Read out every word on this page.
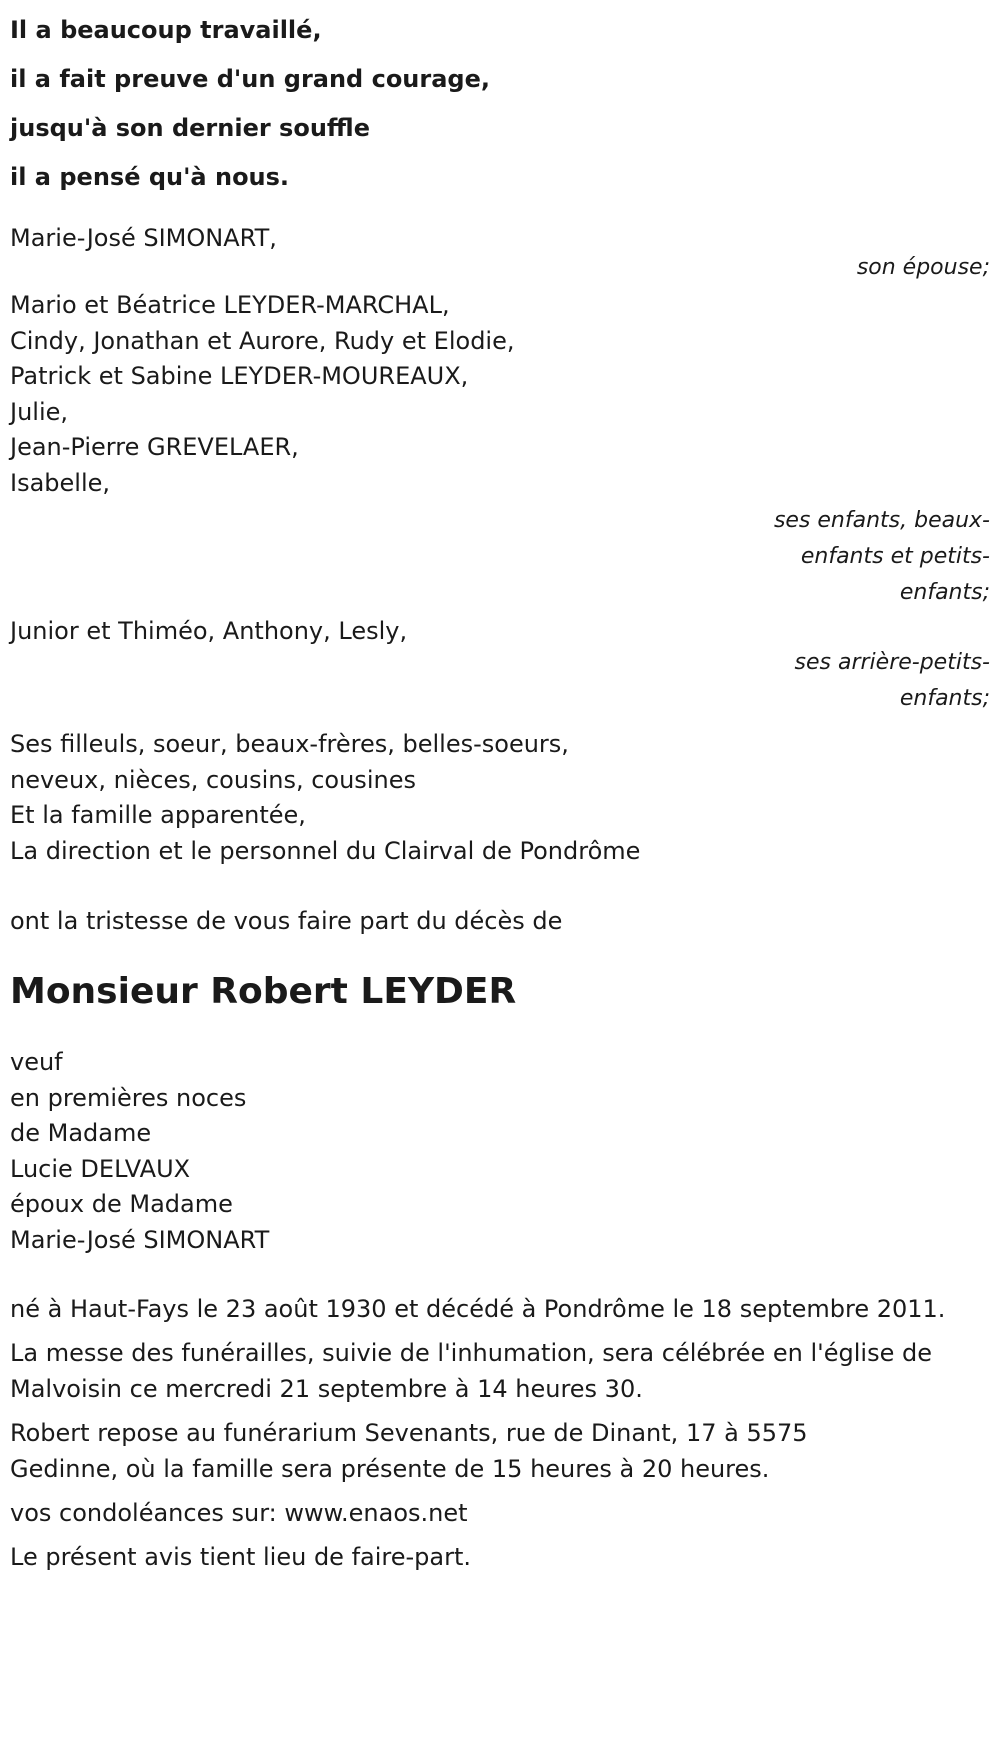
Il a beaucoup travaillé,
il a fait preuve d'un grand courage,
jusqu'à son dernier souffle
il a pensé qu'à nous.
Marie-José SIMONART,
son épouse;
Mario et Béatrice LEYDER-MARCHAL,
Cindy, Jonathan et Aurore, Rudy et Elodie,
Patrick et Sabine LEYDER-MOUREAUX,
Julie,
Jean-Pierre GREVELAER,
Isabelle,
ses enfants, beaux-enfants et petits-enfants;
Junior et Thiméo, Anthony, Lesly,
ses arrière-petits-enfants;
Ses filleuls, soeur, beaux-frères, belles-soeurs,
neveux, nièces, cousins, cousines
Et la famille apparentée,
La direction et le personnel du Clairval de Pondrôme
ont la tristesse de vous faire part du décès de
Monsieur Robert LEYDER
veuf
en premières noces
de Madame
Lucie DELVAUX
époux de Madame
Marie-José SIMONART
né à Haut-Fays le 23 août 1930 et décédé à Pondrôme le 18 septembre 2011.
La messe des funérailles, suivie de l'inhumation, sera célébrée en l'église de Malvoisin ce mercredi 21 septembre à 14 heures 30.
Robert repose au funérarium Sevenants, rue de Dinant, 17 à 5575 Gedinne, où la famille sera présente de 15 heures à 20 heures.
vos condoléances sur: www.enaos.net
Le présent avis tient lieu de faire-part.
